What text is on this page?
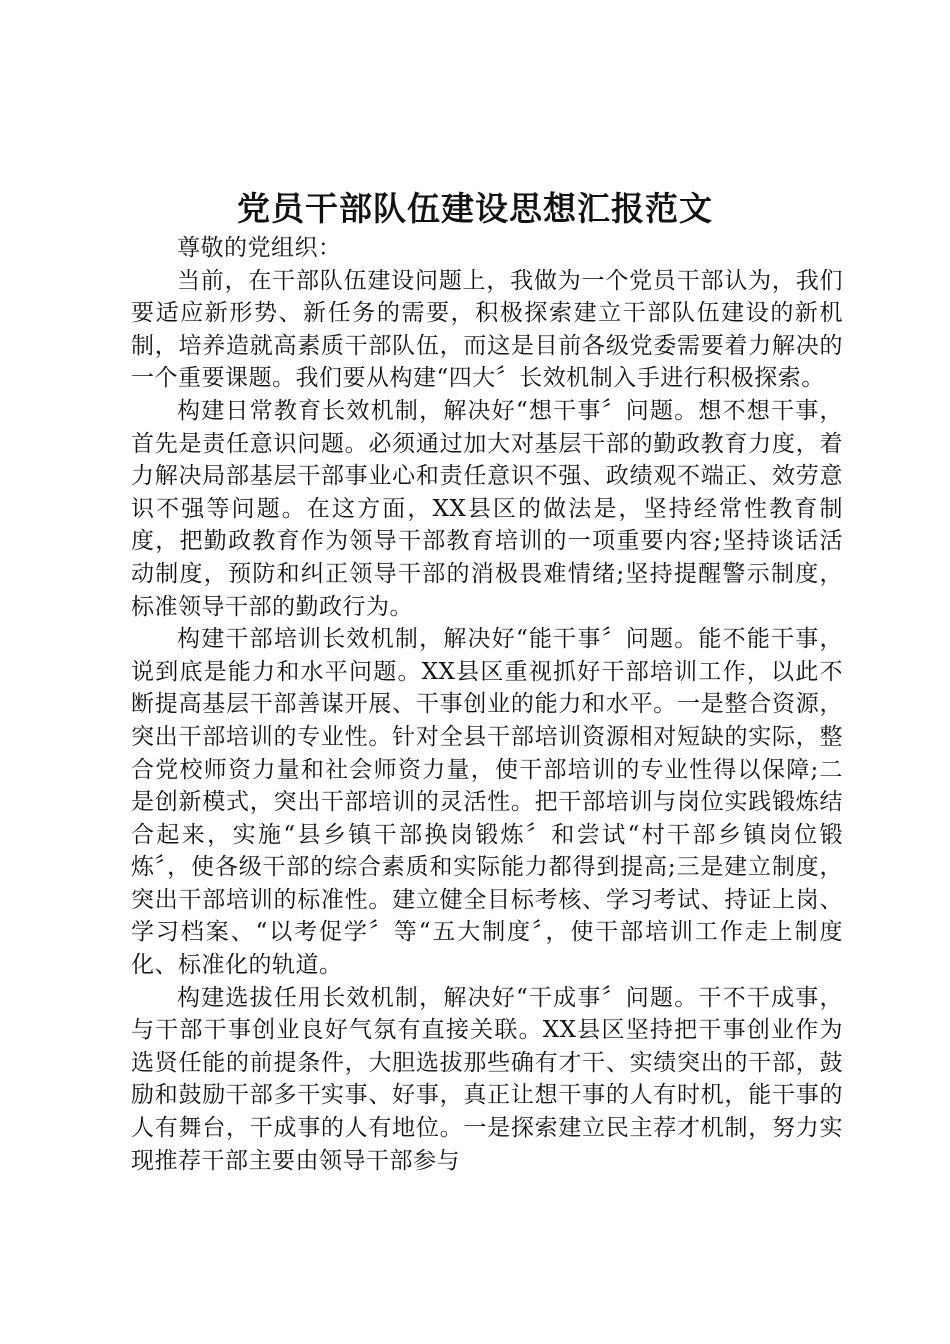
党员干部队伍建设思想汇报范文

尊敬的党组织：

当前，在干部队伍建设问题上，我做为一个党员干部认为，我们要适应新形势、新任务的需要，积极探索建立干部队伍建设的新机制，培养造就高素质干部队伍，而这是目前各级党委需要着力解决的一个重要课题。我们要从构建“四大〞长效机制入手进行积极探索。

构建日常教育长效机制，解决好“想干事〞问题。想不想干事，首先是责任意识问题。必须通过加大对基层干部的勤政教育力度，着力解决局部基层干部事业心和责任意识不强、政绩观不端正、效劳意识不强等问题。在这方面，XX县区的做法是，坚持经常性教育制度，把勤政教育作为领导干部教育培训的一项重要内容;坚持谈话活动制度，预防和纠正领导干部的消极畏难情绪;坚持提醒警示制度，标准领导干部的勤政行为。

构建干部培训长效机制，解决好“能干事〞问题。能不能干事，说到底是能力和水平问题。XX县区重视抓好干部培训工作，以此不断提高基层干部善谋开展、干事创业的能力和水平。一是整合资源，突出干部培训的专业性。针对全县干部培训资源相对短缺的实际，整合党校师资力量和社会师资力量，使干部培训的专业性得以保障;二是创新模式，突出干部培训的灵活性。把干部培训与岗位实践锻炼结合起来，实施“县乡镇干部换岗锻炼〞和尝试“村干部乡镇岗位锻炼〞，使各级干部的综合素质和实际能力都得到提高;三是建立制度，突出干部培训的标准性。建立健全目标考核、学习考试、持证上岗、学习档案、“以考促学〞等“五大制度〞，使干部培训工作走上制度化、标准化的轨道。

构建选拔任用长效机制，解决好“干成事〞问题。干不干成事，与干部干事创业良好气氛有直接关联。XX县区坚持把干事创业作为选贤任能的前提条件，大胆选拔那些确有才干、实绩突出的干部，鼓励和鼓励干部多干实事、好事，真正让想干事的人有时机，能干事的人有舞台，干成事的人有地位。一是探索建立民主荐才机制，努力实现推荐干部主要由领导干部参与
